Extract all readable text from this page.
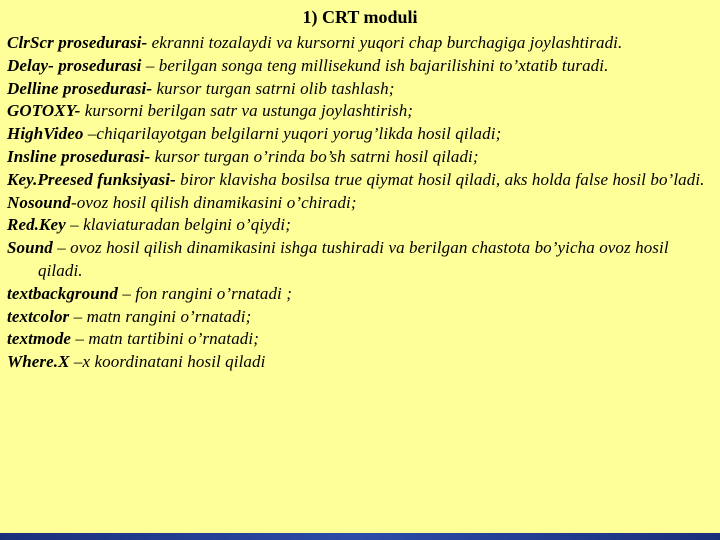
1) CRT moduli
ClrScr prosedurasi- ekranni tozalaydi va kursorni yuqori chap burchagiga joylashtiradi.
Delay- prosedurasi – berilgan songa teng millisekund ish bajarilishini to’xtatib turadi.
Delline prosedurasi- kursor turgan satrni olib tashlash;
GOTOXY- kursorni berilgan satr va ustunga joylashtirish;
HighVideo –chiqarilayotgan belgilarni yuqori yorug’likda hosil qiladi;
Insline prosedurasi- kursor turgan o’rinda bo’sh satrni hosil qiladi;
Key.Preesed funksiyasi- biror klavisha bosilsa true qiymat hosil qiladi, aks holda false hosil bo’ladi.
Nosound-ovoz hosil qilish dinamikasini o’chiradi;
Red.Key – klaviaturadan belgini o’qiydi;
Sound – ovoz hosil qilish dinamikasini ishga tushiradi va berilgan chastota bo’yicha ovoz hosil qiladi.
textbackground – fon rangini o’rnatadi ;
textcolor – matn rangini o’rnatadi;
textmode – matn tartibini o’rnatadi;
Where.X –x koordinatani hosil qiladi
